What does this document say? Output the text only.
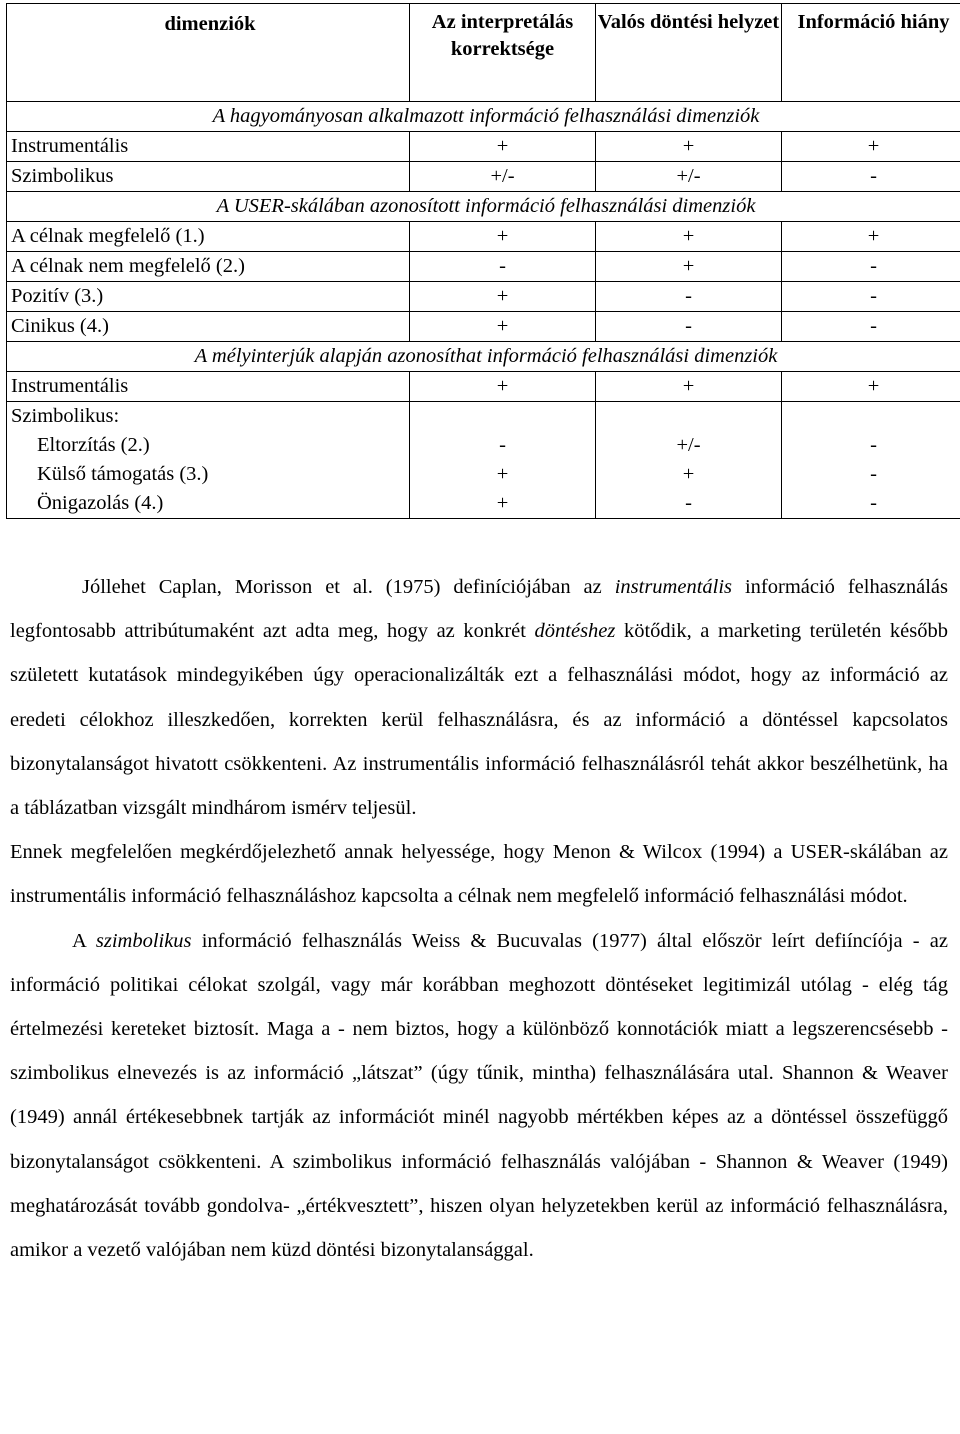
dimenziók	Az interpretálás korrektsége	Valós döntési helyzet	Információ hiány
A hagyományosan alkalmazott információ felhasználási dimenziók			
Instrumentális	+	+	+
Szimbolikus	+/-	+/-	-
A USER-skálában azonosított információ felhasználási dimenziók			
A célnak megfelelő (1.)	+	+	+
A célnak nem megfelelő (2.)	-	+	-
Pozitív (3.)	+	-	-
Cinikus (4.)	+	-	-
A mélyinterjúk alapján azonosíthat információ felhasználási dimenziók			
Instrumentális	+	+	+
Szimbolikus:			
Eltorzítás (2.)	-	+/-	-
Külső támogatás (3.)	+	+	-
Önigazolás (4.)	+	-	-

Jóllehet Caplan, Morisson et al. (1975) definíciójában az instrumentális információ felhasználás legfontosabb attribútumaként azt adta meg, hogy az konkrét döntéshez kötődik, a marketing területén később született kutatások mindegyikében úgy operacionalizálták ezt a felhasználási módot, hogy az információ az eredeti célokhoz illeszkedően, korrekten kerül felhasználásra, és az információ a döntéssel kapcsolatos bizonytalanságot hivatott csökkenteni. Az instrumentális információ felhasználásról tehát akkor beszélhetünk, ha a táblázatban vizsgált mindhárom ismérv teljesül.

Ennek megfelelően megkérdőjelezhető annak helyessége, hogy Menon & Wilcox (1994) a USER-skálában az instrumentális információ felhasználáshoz kapcsolta a célnak nem megfelelő információ felhasználási módot.

A szimbolikus információ felhasználás Weiss & Bucuvalas (1977) által először leírt defiíncíója - az információ politikai célokat szolgál, vagy már korábban meghozott döntéseket legitimizál utólag - elég tág értelmezési kereteket biztosít. Maga a - nem biztos, hogy a különböző konnotációk miatt a legszerencsésebb - szimbolikus elnevezés is az információ „látszat” (úgy tűnik, mintha) felhasználására utal. Shannon & Weaver (1949) annál értékesebbnek tartják az információt minél nagyobb mértékben képes az a döntéssel összefüggő bizonytalanságot csökkenteni. A szimbolikus információ felhasználás valójában - Shannon & Weaver (1949) meghatározását tovább gondolva- „értékvesztett”, hiszen olyan helyzetekben kerül az információ felhasználásra, amikor a vezető valójában nem küzd döntési bizonytalansággal.
